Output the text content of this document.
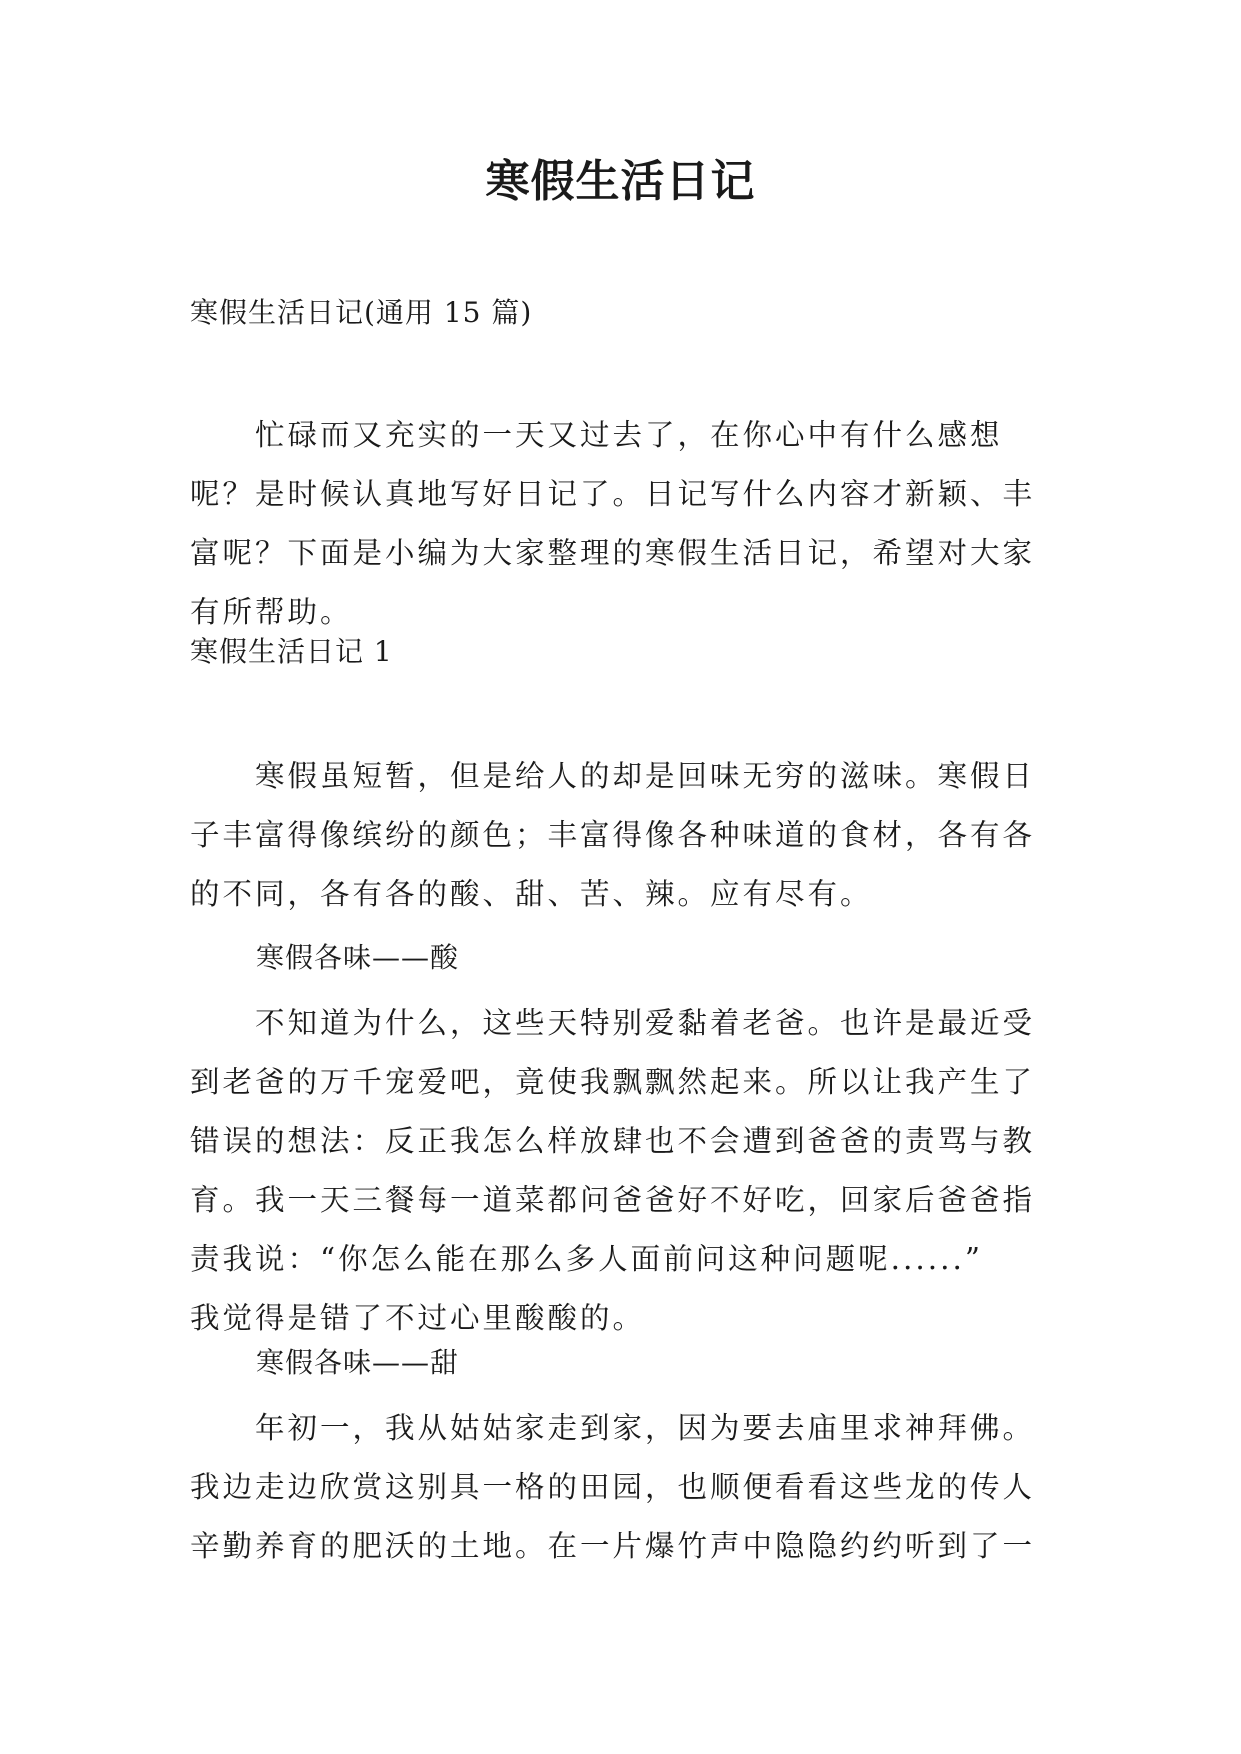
寒假生活日记

寒假生活日记(通用 15 篇)

　　忙碌而又充实的一天又过去了，在你心中有什么感想
呢？是时候认真地写好日记了。日记写什么内容才新颖、丰
富呢？下面是小编为大家整理的寒假生活日记，希望对大家
有所帮助。

寒假生活日记 1

　　寒假虽短暂，但是给人的却是回味无穷的滋味。寒假日
子丰富得像缤纷的颜色；丰富得像各种味道的食材，各有各
的不同，各有各的酸、甜、苦、辣。应有尽有。

寒假各味——酸

　　不知道为什么，这些天特别爱黏着老爸。也许是最近受
到老爸的万千宠爱吧，竟使我飘飘然起来。所以让我产生了
错误的想法：反正我怎么样放肆也不会遭到爸爸的责骂与教
育。我一天三餐每一道菜都问爸爸好不好吃，回家后爸爸指
责我说：“你怎么能在那么多人面前问这种问题呢......”
我觉得是错了不过心里酸酸的。

寒假各味——甜

　　年初一，我从姑姑家走到家，因为要去庙里求神拜佛。
我边走边欣赏这别具一格的田园，也顺便看看这些龙的传人
辛勤养育的肥沃的土地。在一片爆竹声中隐隐约约听到了一
